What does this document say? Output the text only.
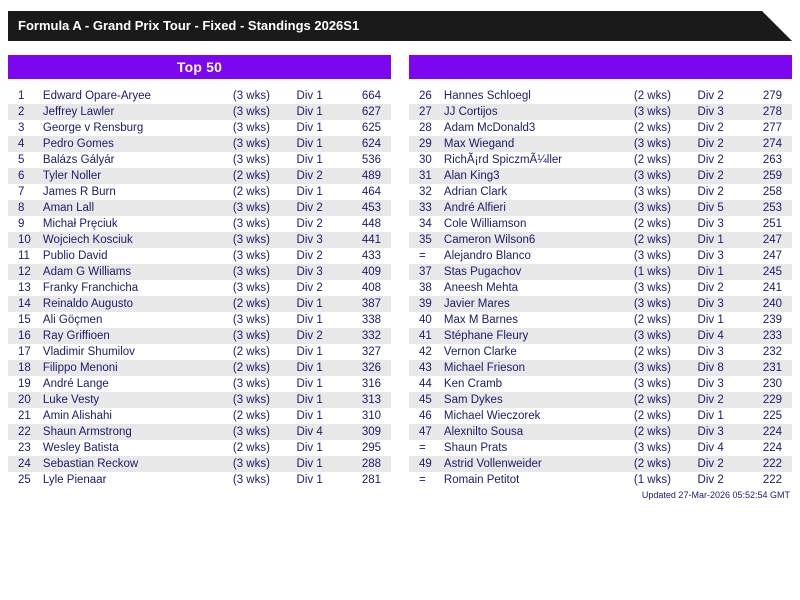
Formula A - Grand Prix Tour - Fixed - Standings 2026S1
Top 50
1	Edward Opare-Aryee	(3 wks)	Div 1	664
2	Jeffrey Lawler	(3 wks)	Div 1	627
3	George v Rensburg	(3 wks)	Div 1	625
4	Pedro Gomes	(3 wks)	Div 1	624
5	Balázs Gályár	(3 wks)	Div 1	536
6	Tyler Noller	(2 wks)	Div 2	489
7	James R Burn	(2 wks)	Div 1	464
8	Aman Lall	(3 wks)	Div 2	453
9	Michał Pręciuk	(3 wks)	Div 2	448
10	Wojciech Kosciuk	(3 wks)	Div 3	441
11	Publio David	(3 wks)	Div 2	433
12	Adam G Williams	(3 wks)	Div 3	409
13	Franky Franchicha	(3 wks)	Div 2	408
14	Reinaldo Augusto	(2 wks)	Div 1	387
15	Ali Göçmen	(3 wks)	Div 1	338
16	Ray Griffioen	(3 wks)	Div 2	332
17	Vladimir Shumilov	(2 wks)	Div 1	327
18	Filippo Menoni	(2 wks)	Div 1	326
19	André Lange	(3 wks)	Div 1	316
20	Luke Vesty	(3 wks)	Div 1	313
21	Amin Alishahi	(2 wks)	Div 1	310
22	Shaun Armstrong	(3 wks)	Div 4	309
23	Wesley Batista	(2 wks)	Div 1	295
24	Sebastian Reckow	(3 wks)	Div 1	288
25	Lyle Pienaar	(3 wks)	Div 1	281
26	Hannes Schloegl	(2 wks)	Div 2	279
27	JJ Cortijos	(3 wks)	Div 3	278
28	Adam McDonald3	(2 wks)	Div 2	277
29	Max Wiegand	(3 wks)	Div 2	274
30	RichÃ¡rd SpiczmÃ¼ller	(2 wks)	Div 2	263
31	Alan King3	(3 wks)	Div 2	259
32	Adrian Clark	(3 wks)	Div 2	258
33	André Alfieri	(3 wks)	Div 5	253
34	Cole Williamson	(2 wks)	Div 3	251
35	Cameron Wilson6	(2 wks)	Div 1	247
=	Alejandro Blanco	(3 wks)	Div 3	247
37	Stas Pugachov	(1 wks)	Div 1	245
38	Aneesh Mehta	(3 wks)	Div 2	241
39	Javier Mares	(3 wks)	Div 3	240
40	Max M Barnes	(2 wks)	Div 1	239
41	Stéphane Fleury	(3 wks)	Div 4	233
42	Vernon Clarke	(2 wks)	Div 3	232
43	Michael Frieson	(3 wks)	Div 8	231
44	Ken Cramb	(3 wks)	Div 3	230
45	Sam Dykes	(2 wks)	Div 2	229
46	Michael Wieczorek	(2 wks)	Div 1	225
47	Alexnilto Sousa	(2 wks)	Div 3	224
=	Shaun Prats	(3 wks)	Div 4	224
49	Astrid Vollenweider	(2 wks)	Div 2	222
=	Romain Petitot	(1 wks)	Div 2	222
Updated 27-Mar-2026 05:52:54 GMT
